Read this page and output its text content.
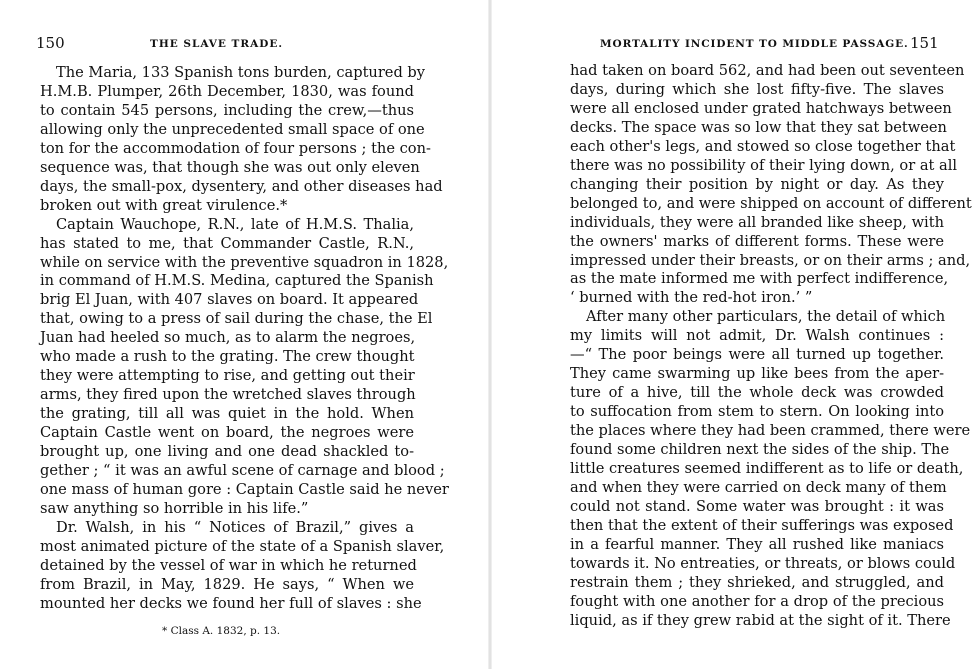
150	THE SLAVE TRADE.
The Maria, 133 Spanish tons burden, captured by
H.M.B. Plumper, 26th December, 1830, was found
to contain 545 persons, including the crew,—thus
allowing only the unprecedented small space of one
ton for the accommodation of four persons ; the con-
sequence was, that though she was out only eleven
days, the small-pox, dysentery, and other diseases had
broken out with great virulence.*
Captain Wauchope, R.N., late of H.M.S. Thalia,
has stated to me, that Commander Castle, R.N.,
while on service with the preventive squadron in 1828,
in command of H.M.S. Medina, captured the Spanish
brig El Juan, with 407 slaves on board. It appeared
that, owing to a press of sail during the chase, the El
Juan had heeled so much, as to alarm the negroes,
who made a rush to the grating. The crew thought
they were attempting to rise, and getting out their
arms, they fired upon the wretched slaves through
the grating, till all was quiet in the hold. When
Captain Castle went on board, the negroes were
brought up, one living and one dead shackled to-
gether ; “ it was an awful scene of carnage and blood ;
one mass of human gore : Captain Castle said he never
saw anything so horrible in his life.”
Dr. Walsh, in his “ Notices of Brazil,” gives a
most animated picture of the state of a Spanish slaver,
detained by the vessel of war in which he returned
from Brazil, in May, 1829. He says, “ When we
mounted her decks we found her full of slaves : she
* Class A. 1832, p. 13.
MORTALITY INCIDENT TO MIDDLE PASSAGE. 151
had taken on board 562, and had been out seventeen
days, during which she lost fifty-five. The slaves
were all enclosed under grated hatchways between
decks. The space was so low that they sat between
each other's legs, and stowed so close together that
there was no possibility of their lying down, or at all
changing their position by night or day. As they
belonged to, and were shipped on account of different
individuals, they were all branded like sheep, with
the owners' marks of different forms. These were
impressed under their breasts, or on their arms ; and,
as the mate informed me with perfect indifference,
‘ burned with the red-hot iron.’ ”
After many other particulars, the detail of which
my limits will not admit, Dr. Walsh continues :
—“ The poor beings were all turned up together.
They came swarming up like bees from the aper-
ture of a hive, till the whole deck was crowded
to suffocation from stem to stern. On looking into
the places where they had been crammed, there were
found some children next the sides of the ship. The
little creatures seemed indifferent as to life or death,
and when they were carried on deck many of them
could not stand. Some water was brought : it was
then that the extent of their sufferings was exposed
in a fearful manner. They all rushed like maniacs
towards it. No entreaties, or threats, or blows could
restrain them ; they shrieked, and struggled, and
fought with one another for a drop of the precious
liquid, as if they grew rabid at the sight of it. There
